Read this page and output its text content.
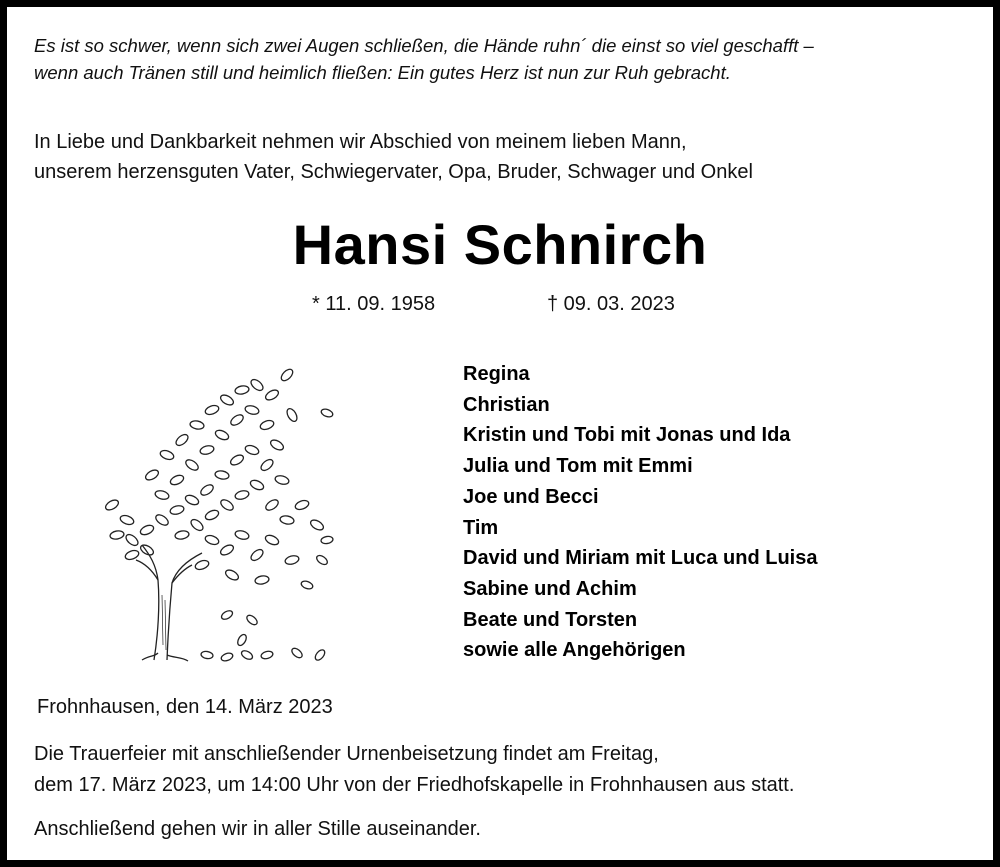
Es ist so schwer, wenn sich zwei Augen schließen, die Hände ruhn´ die einst so viel geschafft –
wenn auch Tränen still und heimlich fließen: Ein gutes Herz ist nun zur Ruh gebracht.
In Liebe und Dankbarkeit nehmen wir Abschied von meinem lieben Mann,
unserem herzensguten Vater, Schwiegervater, Opa, Bruder, Schwager und Onkel
Hansi Schnirch
* 11. 09. 1958	† 09. 03. 2023
Regina
Christian
Kristin und Tobi mit Jonas und Ida
Julia und Tom mit Emmi
Joe und Becci
Tim
David und Miriam mit Luca und Luisa
Sabine und Achim
Beate und Torsten
sowie alle Angehörigen
Frohnhausen, den 14. März 2023
Die Trauerfeier mit anschließender Urnenbeisetzung findet am Freitag,
dem 17. März 2023, um 14:00 Uhr von der Friedhofskapelle in Frohnhausen aus statt.
Anschließend gehen wir in aller Stille auseinander.
